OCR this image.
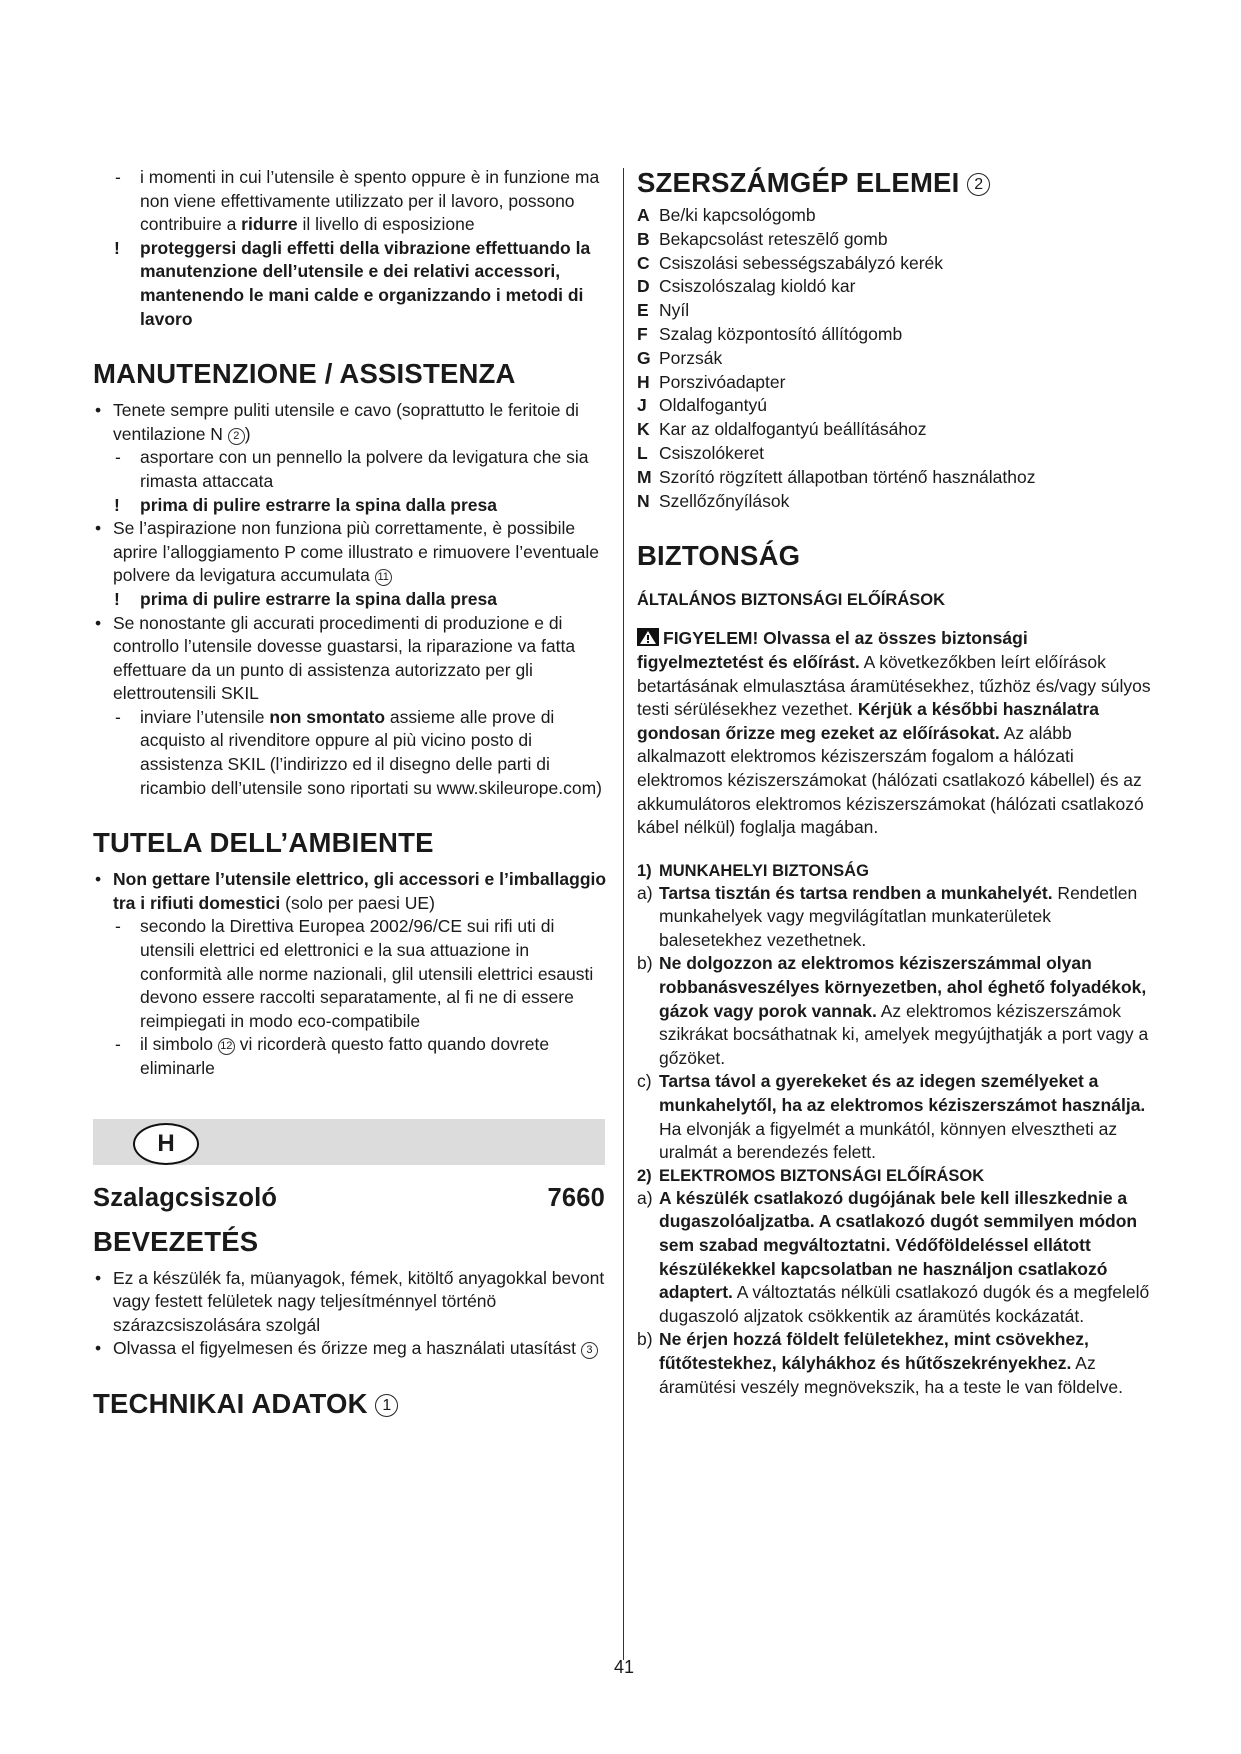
- i momenti in cui l’utensile è spento oppure è in funzione ma non viene effettivamente utilizzato per il lavoro, possono contribuire a ridurre il livello di esposizione
! proteggersi dagli effetti della vibrazione effettuando la manutenzione dell’utensile e dei relativi accessori, mantenendo le mani calde e organizzando i metodi di lavoro
MANUTENZIONE / ASSISTENZA
• Tenete sempre puliti utensile e cavo (soprattutto le feritoie di ventilazione N 2 )
- asportare con un pennello la polvere da levigatura che sia rimasta attaccata
! prima di pulire estrarre la spina dalla presa
• Se l’aspirazione non funziona più correttamente, è possibile aprire l’alloggiamento P come illustrato e rimuovere l’eventuale polvere da levigatura accumulata 11
! prima di pulire estrarre la spina dalla presa
• Se nonostante gli accurati procedimenti di produzione e di controllo l’utensile dovesse guastarsi, la riparazione va fatta effettuare da un punto di assistenza autorizzato per gli elettroutensili SKIL
- inviare l’utensile non smontato assieme alle prove di acquisto al rivenditore oppure al più vicino posto di assistenza SKIL (l’indirizzo ed il disegno delle parti di ricambio dell’utensile sono riportati su www.skileurope.com)
TUTELA DELL’AMBIENTE
• Non gettare l’utensile elettrico, gli accessori e l’imballaggio tra i rifiuti domestici (solo per paesi UE)
- secondo la Direttiva Europea 2002/96/CE sui rifi uti di utensili elettrici ed elettronici e la sua attuazione in conformità alle norme nazionali, glil utensili elettrici esausti devono essere raccolti separatamente, al fi ne di essere reimpiegati in modo eco-compatibile
- il simbolo 12 vi ricorderà questo fatto quando dovrete eliminarle
H
Szalagcsiszoló	7660
BEVEZETÉS
• Ez a készülék fa, müanyagok, fémek, kitöltő anyagokkal bevont vagy festett felületek nagy teljesítménnyel történö szárazcsiszolására szolgál
• Olvassa el figyelmesen és őrizze meg a használati utasítást 3
TECHNIKAI ADATOK 1
SZERSZÁMGÉP ELEMEI 2
A Be/ki kapcsológomb
B Bekapcsolást reteszēlő gomb
C Csiszolási sebességszabályzó kerék
D Csiszolószalag kioldó kar
E Nyíl
F Szalag központosító állítógomb
G Porzsák
H Porszivóadapter
J Oldalfogantyú
K Kar az oldalfogantyú beállításához
L Csiszolókeret
M Szorító rögzített állapotban történő használathoz
N Szellőzőnyílások
BIZTONSÁG
ÁLTALÁNOS BIZTONSÁGI ELŐÍRÁSOK

FIGYELEM! Olvassa el az összes biztonsági figyelmeztetést és előírást. A következőkben leírt előírások betartásának elmulasztása áramütésekhez, tűzhöz és/vagy súlyos testi sérülésekhez vezethet. Kérjük a későbbi használatra gondosan őrizze meg ezeket az előírásokat. Az alább alkalmazott elektromos kéziszerszám fogalom a hálózati elektromos kéziszerszámokat (hálózati csatlakozó kábellel) és az akkumulátoros elektromos kéziszerszámokat (hálózati csatlakozó kábel nélkül) foglalja magában.

1) MUNKAHELYI BIZTONSÁG
a) Tartsa tisztán és tartsa rendben a munkahelyét. Rendetlen munkahelyek vagy megvilágítatlan munkaterületek balesetekhez vezethetnek.
b) Ne dolgozzon az elektromos kéziszerszámmal olyan robbanásveszélyes környezetben, ahol éghető folyadékok, gázok vagy porok vannak. Az elektromos kéziszerszámok szikrákat bocsáthatnak ki, amelyek megyújthatják a port vagy a gőzöket.
c) Tartsa távol a gyerekeket és az idegen személyeket a munkahelytől, ha az elektromos kéziszerszámot használja. Ha elvonják a figyelmét a munkától, könnyen elvesztheti az uralmát a berendezés felett.
2) ELEKTROMOS BIZTONSÁGI ELŐÍRÁSOK
a) A készülék csatlakozó dugójának bele kell illeszkednie a dugaszolóaljzatba. A csatlakozó dugót semmilyen módon sem szabad megváltoztatni. Védőföldeléssel ellátott készülékekkel kapcsolatban ne használjon csatlakozó adaptert. A változtatás nélküli csatlakozó dugók és a megfelelő dugaszoló aljzatok csökkentik az áramütés kockázatát.
b) Ne érjen hozzá földelt felületekhez, mint csövekhez, fűtőtestekhez, kályhákhoz és hűtőszekrényekhez. Az áramütési veszély megnövekszik, ha a teste le van földelve.
41
